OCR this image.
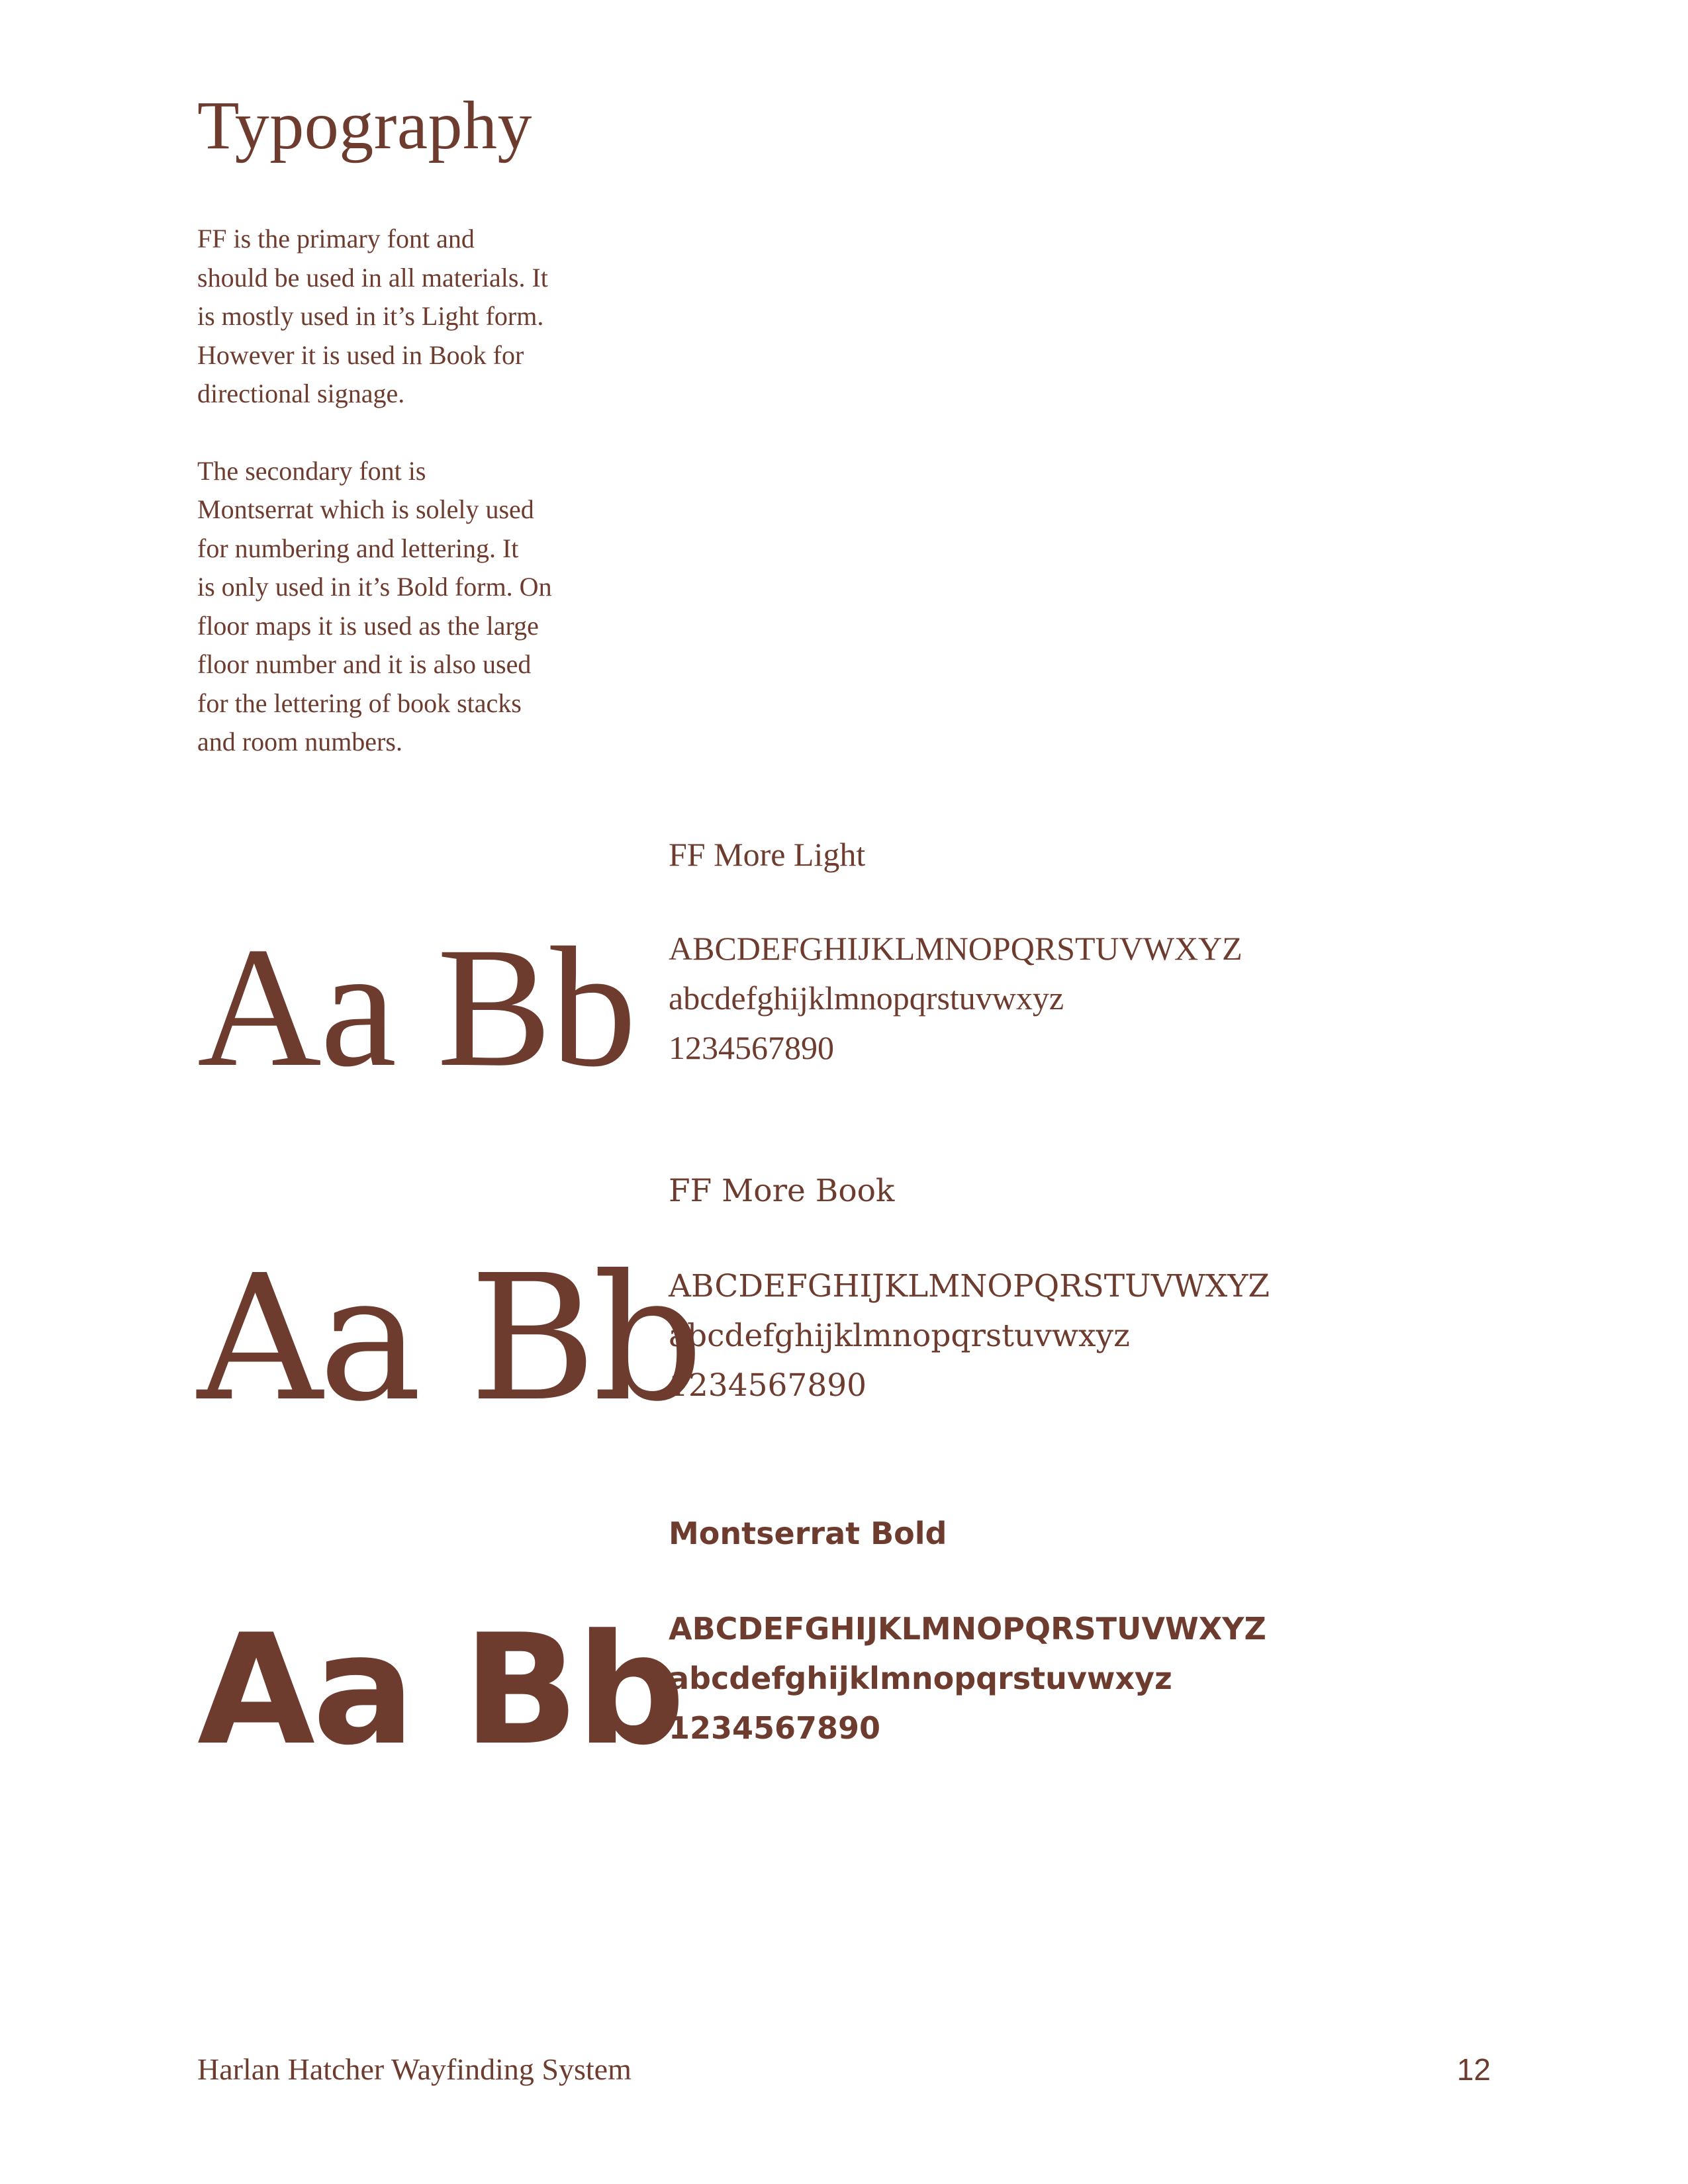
Typography

FF is the primary font and
should be used in all materials. It
is mostly used in it’s Light form.
However it is used in Book for
directional signage.

The secondary font is
Montserrat which is solely used
for numbering and lettering. It
is only used in it’s Bold form. On
floor maps it is used as the large
floor number and it is also used
for the lettering of book stacks
and room numbers.

Aa Bb
FF More Light
ABCDEFGHIJKLMNOPQRSTUVWXYZ
abcdefghijklmnopqrstuvwxyz
1234567890
Aa Bb
FF More Book
ABCDEFGHIJKLMNOPQRSTUVWXYZ
abcdefghijklmnopqrstuvwxyz
1234567890
Aa Bb
Montserrat Bold
ABCDEFGHIJKLMNOPQRSTUVWXYZ
abcdefghijklmnopqrstuvwxyz
1234567890
Harlan Hatcher Wayfinding System	12
